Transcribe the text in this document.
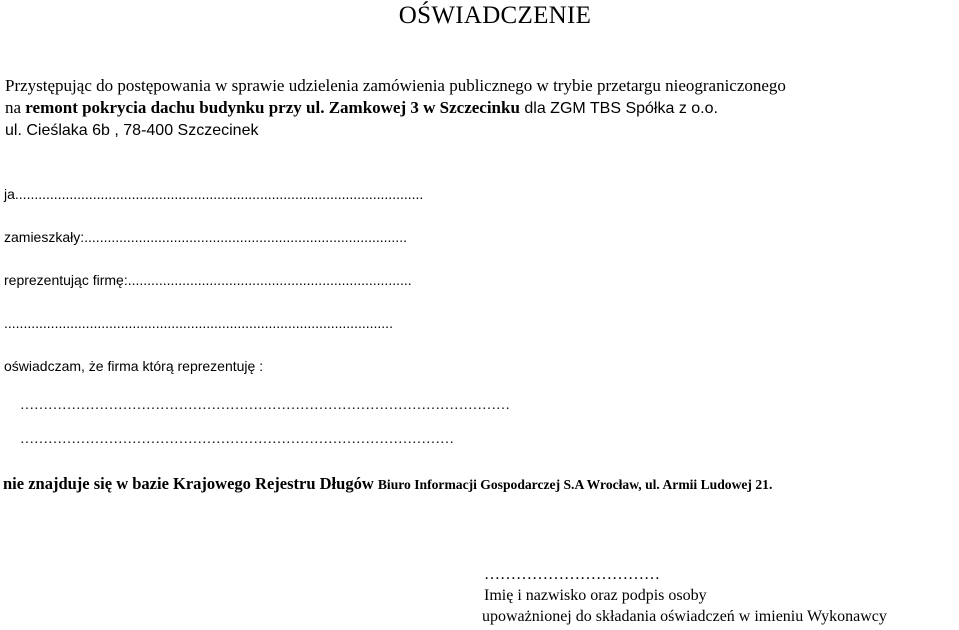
OŚWIADCZENIE
Przystępując do postępowania w sprawie udzielenia zamówienia publicznego w trybie przetargu nieograniczonego
na remont pokrycia dachu budynku przy ul. Zamkowej 3 w Szczecinku dla ZGM TBS Spółka z o.o.
ul. Cieślaka 6b , 78-400 Szczecinek
ja.........................................................................................................
zamieszkały:...................................................................................
reprezentując firmę:.........................................................................
....................................................................................................
oświadczam, że firma którą reprezentuję :
……………………………………………………………………………………………
…………………………………………………………………………………
nie znajduje się w bazie Krajowego Rejestru Długów Biuro Informacji Gospodarczej S.A Wrocław, ul. Armii Ludowej 21.
……………………………
Imię i nazwisko oraz podpis osoby
upoważnionej do składania oświadczeń w imieniu Wykonawcy
